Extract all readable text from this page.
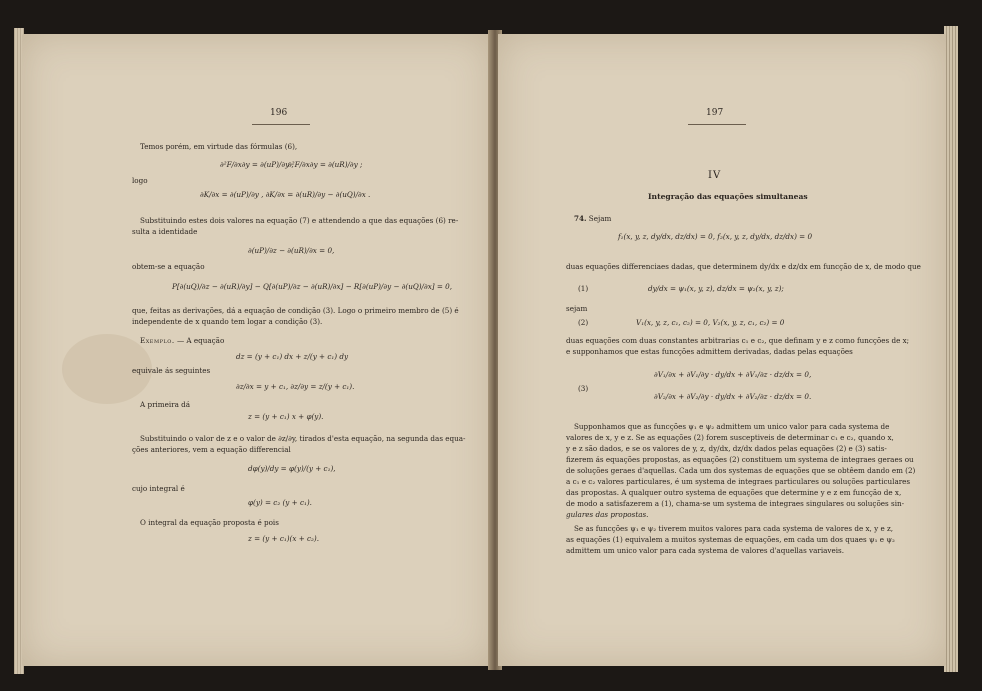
196
Temos porém, em virtude das fórmulas (6),
∂²F/∂x∂y = ∂(uP)/∂y ,
∂²F/∂x∂y = ∂(uR)/∂y ;
logo
∂K/∂x = ∂(uP)/∂y , ∂K/∂x = ∂(uR)/∂y − ∂(uQ)/∂x .
Substituindo estes dois valores na equação (7) e attendendo a que das equações (6) re-
sulta a identidade
∂(uP)/∂z − ∂(uR)/∂x = 0,
obtem-se a equação
P[∂(uQ)/∂z − ∂(uR)/∂y] − Q[∂(uP)/∂z − ∂(uR)/∂x] − R[∂(uP)/∂y − ∂(uQ)/∂x] = 0,
que, feitas as derivações, dá a equação de condição (3). Logo o primeiro membro de (5) é
independente de x quando tem logar a condição (3).
Exemplo. — A equação
dz = (y + c₁) dx + z/(y + c₁) dy
equivale ás seguintes
∂z/∂x = y + c₁, ∂z/∂y = z/(y + c₁).
A primeira dá
z = (y + c₁) x + φ(y).
Substituindo o valor de z e o valor de ∂z/∂y, tirados d'esta equação, na segunda das equa-
ções anteriores, vem a equação differencial
dφ(y)/dy = φ(y)/(y + c₁),
cujo integral é
φ(y) = c₂ (y + c₁).
O integral da equação proposta é pois
z = (y + c₁)(x + c₂).
197
IV
Integração das equações simultaneas
74. Sejam
f₁(x, y, z, dy/dx, dz/dx) = 0, f₂(x, y, z, dy/dx, dz/dx) = 0
duas equações differenciaes dadas, que determinem dy/dx e dz/dx em funcção de x, de modo que
(1)	dy/dx = ψ₁(x, y, z), dz/dx = ψ₂(x, y, z);
sejam
(2)	V₁(x, y, z, c₁, c₂) = 0, V₂(x, y, z, c₁, c₂) = 0
duas equações com duas constantes arbitrarias c₁ e c₂, que definam y e z como funcções de x;
e supponhamos que estas funcções admittem derivadas, dadas pelas equações
(3)
∂V₁/∂x + ∂V₁/∂y · dy/dx + ∂V₁/∂z · dz/dx = 0,
∂V₂/∂x + ∂V₂/∂y · dy/dx + ∂V₂/∂z · dz/dx = 0.
Supponhamos que as funcções ψ₁ e ψ₂ admittem um unico valor para cada systema de
valores de x, y e z. Se as equações (2) forem susceptiveis de determinar c₁ e c₂, quando x,
y e z são dados, e se os valores de y, z, dy/dx, dz/dx dados pelas equações (2) e (3) satis-
fizerem ás equações propostas, as equações (2) constituem um systema de integraes geraes ou
de soluções geraes d'aquellas. Cada um dos systemas de equações que se obtêem dando em (2)
a c₁ e c₂ valores particulares, é um systema de integraes particulares ou soluções particulares
das propostas. A qualquer outro systema de equações que determine y e z em funcção de x,
de modo a satisfazerem a (1), chama-se um systema de integraes singulares ou soluções sin-
gulares das propostas.
Se as funcções ψ₁ e ψ₂ tiverem muitos valores para cada systema de valores de x, y e z,
as equações (1) equivalem a muitos systemas de equações, em cada um dos quaes ψ₁ e ψ₂
admittem um unico valor para cada systema de valores d'aquellas variaveis.
